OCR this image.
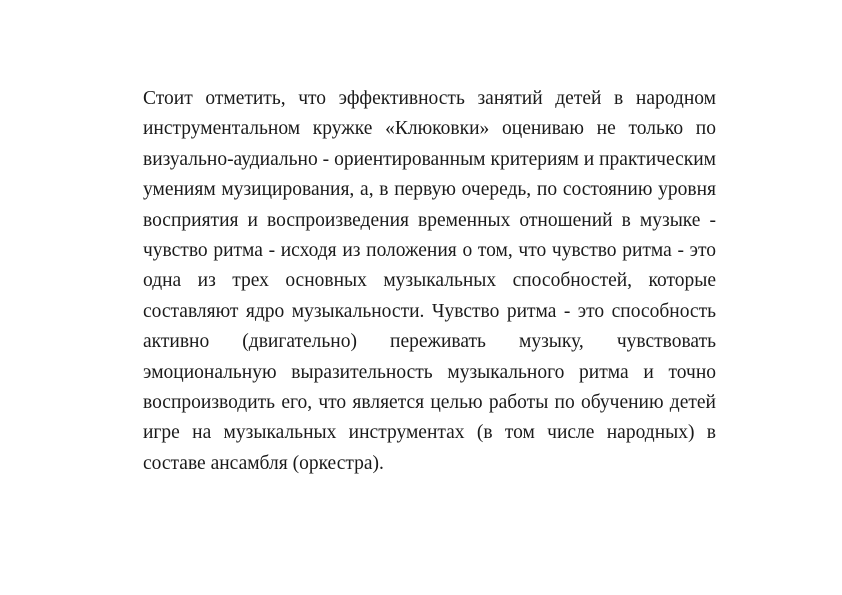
Стоит отметить, что эффективность занятий детей в народном инструментальном кружке «Клюковки» оцениваю не только по визуально-аудиально - ориентированным критериям и практическим умениям музицирования, а, в первую очередь, по состоянию уровня восприятия и воспроизведения временных отношений в музыке - чувство ритма - исходя из положения о том, что чувство ритма - это одна из трех основных музыкальных способностей, которые составляют ядро музыкальности. Чувство ритма - это способность активно (двигательно) переживать музыку, чувствовать эмоциональную выразительность музыкального ритма и точно воспроизводить его, что является целью работы по обучению детей игре на музыкальных инструментах (в том числе народных) в составе ансамбля (оркестра).
